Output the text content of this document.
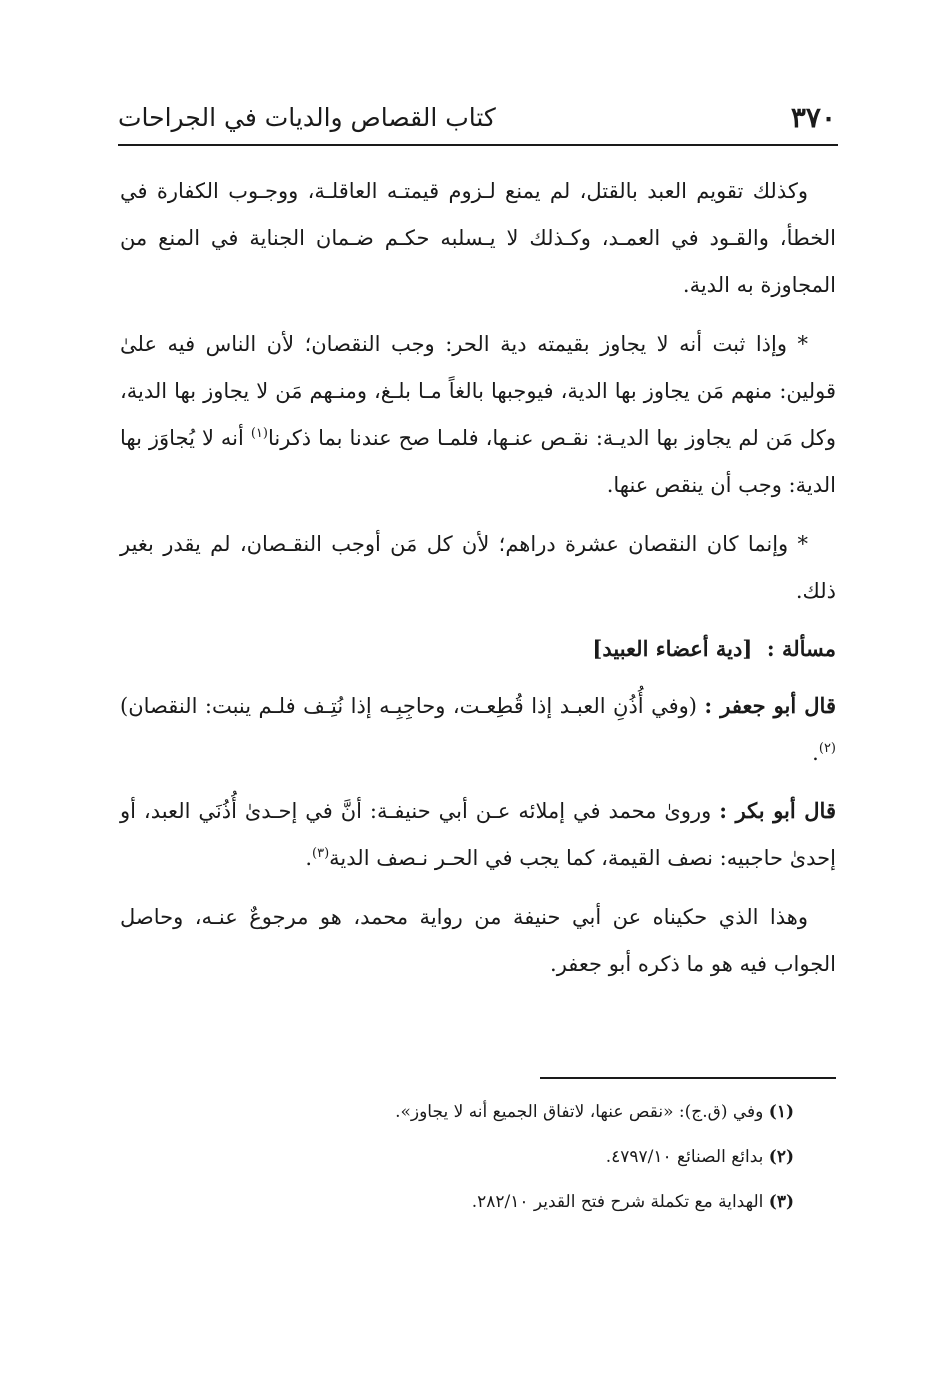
٣٧٠
كتاب القصاص والديات في الجراحات

وكذلك تقويم العبد بالقتل، لم يمنع لـزوم قيمتـه العاقلـة، ووجـوب الكفارة في الخطأ، والقـود في العمـد، وكـذلك لا يـسلبه حكـم ضـمان الجناية في المنع من المجاوزة به الدية.

* وإذا ثبت أنه لا يجاوز بقيمته دية الحر: وجب النقصان؛ لأن الناس فيه علىٰ قولين: منهم مَن يجاوز بها الدية، فيوجبها بالغاً مـا بلـغ، ومنـهم مَن لا يجاوز بها الدية، وكل مَن لم يجاوز بها الديـة: نقـص عنـها، فلمـا صح عندنا بما ذكرنا$^{(١)}$ أنه لا يُجاوَز بها الدية: وجب أن ينقص عنها.

* وإنما كان النقصان عشرة دراهم؛ لأن كل مَن أوجب النقـصان، لم يقدر بغير ذلك.

مسألة :  [دية أعضاء العبيد]

قال أبو جعفر : (وفي أُذُنِ العبـد إذا قُطِعـت، وحاجِبِـه إذا نُتِـف فلـم ينبت: النقصان)$^{(٢)}$.

قال أبو بكر : وروىٰ محمد في إملائه عـن أبي حنيفـة: أنَّ في إحـدىٰ أُذُنَي العبد، أو إحدىٰ حاجبيه: نصف القيمة، كما يجب في الحـر نـصف الدية$^{(٣)}$.

وهذا الذي حكيناه عن أبي حنيفة من رواية محمد، هو مرجوعٌ عنـه، وحاصل الجواب فيه هو ما ذكره أبو جعفر.

(١) وفي (ق.ج): «نقص عنها، لاتفاق الجميع أنه لا يجاوز».

(٢) بدائع الصنائع ٤٧٩٧/١٠.

(٣) الهداية مع تكملة شرح فتح القدير ٢٨٢/١٠.
